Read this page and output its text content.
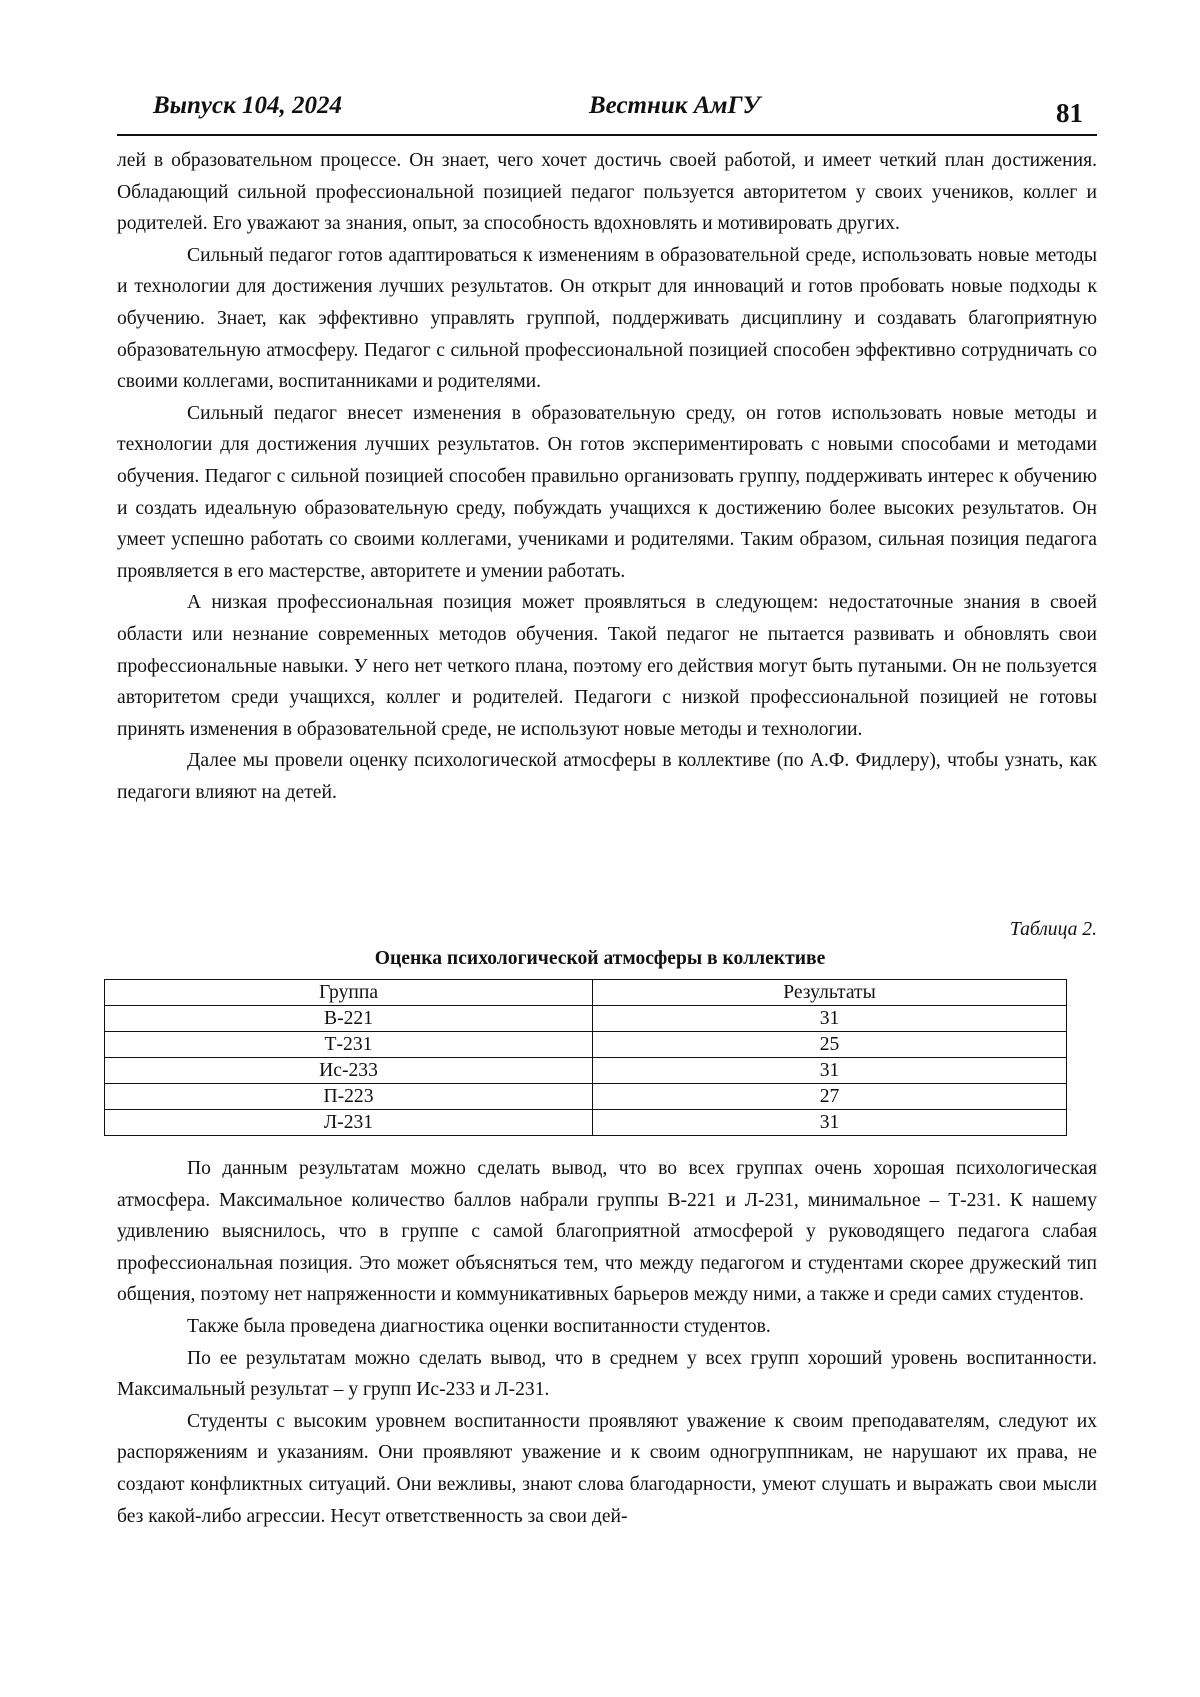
Выпуск 104, 2024	Вестник АмГУ	81

лей в образовательном процессе. Он знает, чего хочет достичь своей работой, и имеет четкий план достижения. Обладающий сильной профессиональной позицией педагог пользуется авторитетом у своих учеников, коллег и родителей. Его уважают за знания, опыт, за способность вдохновлять и мотивировать других.

Сильный педагог готов адаптироваться к изменениям в образовательной среде, использовать новые методы и технологии для достижения лучших результатов. Он открыт для инноваций и готов пробовать новые подходы к обучению. Знает, как эффективно управлять группой, поддерживать дисциплину и создавать благоприятную образовательную атмосферу. Педагог с сильной профессиональной позицией способен эффективно сотрудничать со своими коллегами, воспитанниками и родителями.

Сильный педагог внесет изменения в образовательную среду, он готов использовать новые методы и технологии для достижения лучших результатов. Он готов экспериментировать с новыми способами и методами обучения. Педагог с сильной позицией способен правильно организовать группу, поддерживать интерес к обучению и создать идеальную образовательную среду, побуждать учащихся к достижению более высоких результатов. Он умеет успешно работать со своими коллегами, учениками и родителями. Таким образом, сильная позиция педагога проявляется в его мастерстве, авторитете и умении работать.

А низкая профессиональная позиция может проявляться в следующем: недостаточные знания в своей области или незнание современных методов обучения. Такой педагог не пытается развивать и обновлять свои профессиональные навыки. У него нет четкого плана, поэтому его действия могут быть путаными. Он не пользуется авторитетом среди учащихся, коллег и родителей. Педагоги с низкой профессиональной позицией не готовы принять изменения в образовательной среде, не используют новые методы и технологии.

Далее мы провели оценку психологической атмосферы в коллективе (по А.Ф. Фидлеру), чтобы узнать, как педагоги влияют на детей.

Таблица 2.
Оценка психологической атмосферы в коллективе
Группа	Результаты
В-221	31
Т-231	25
Ис-233	31
П-223	27
Л-231	31

По данным результатам можно сделать вывод, что во всех группах очень хорошая психологическая атмосфера. Максимальное количество баллов набрали группы В-221 и Л-231, минимальное – Т-231. К нашему удивлению выяснилось, что в группе с самой благоприятной атмосферой у руководящего педагога слабая профессиональная позиция. Это может объясняться тем, что между педагогом и студентами скорее дружеский тип общения, поэтому нет напряженности и коммуникативных барьеров между ними, а также и среди самих студентов.

Также была проведена диагностика оценки воспитанности студентов.

По ее результатам можно сделать вывод, что в среднем у всех групп хороший уровень воспитанности. Максимальный результат – у групп Ис-233 и Л-231.

Студенты с высоким уровнем воспитанности проявляют уважение к своим преподавателям, следуют их распоряжениям и указаниям. Они проявляют уважение и к своим одногруппникам, не нарушают их права, не создают конфликтных ситуаций. Они вежливы, знают слова благодарности, умеют слушать и выражать свои мысли без какой-либо агрессии. Несут ответственность за свои дей-
